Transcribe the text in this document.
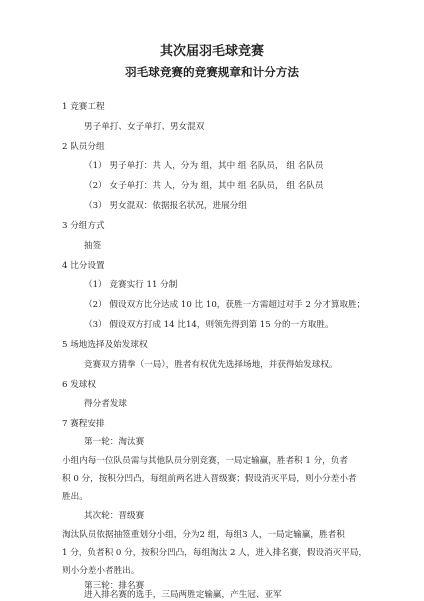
其次届羽毛球竞赛
羽毛球竞赛的竞赛规章和计分方法
1 竞赛工程
男子单打、女子单打、男女混双
2 队员分组
（1） 男子单打：共 人，分为 组，其中 组 名队员， 组 名队员
（2） 女子单打：共 人，分为 组，其中 组 名队员， 组 名队员
（3） 男女混双：依据报名状况，进展分组
3 分组方式
抽签
4 比分设置
（1） 竞赛实行 11 分制
（2） 假设双方比分达成 10 比 10，获胜一方需超过对手 2 分才算取胜；
（3） 假设双方打成 14 比14，则领先得到第 15 分的一方取胜。
5 场地选择及始发球权
竞赛双方猜拳（一局），胜者有权优先选择场地，并获得始发球权。
6 发球权
得分者发球
7 赛程安排
第一轮：淘汰赛
小组内每一位队员需与其他队员分别竞赛，一局定输赢，胜者积 1 分，负者
积 0 分，按积分凹凸，每组前两名进入晋级赛；假设消灭平局，则小分差小者
胜出。
其次轮：晋级赛
淘汰队员依据抽签重划分小组，分为2 组，每组3 人，一局定输赢，胜者积
1 分，负者积 0 分，按积分凹凸，每组淘汰 2 人，进入排名赛，假设消灭平局，
则小分差小者胜出。
第三轮：排名赛
进入排名赛的选手，三局两胜定输赢，产生冠、亚军
